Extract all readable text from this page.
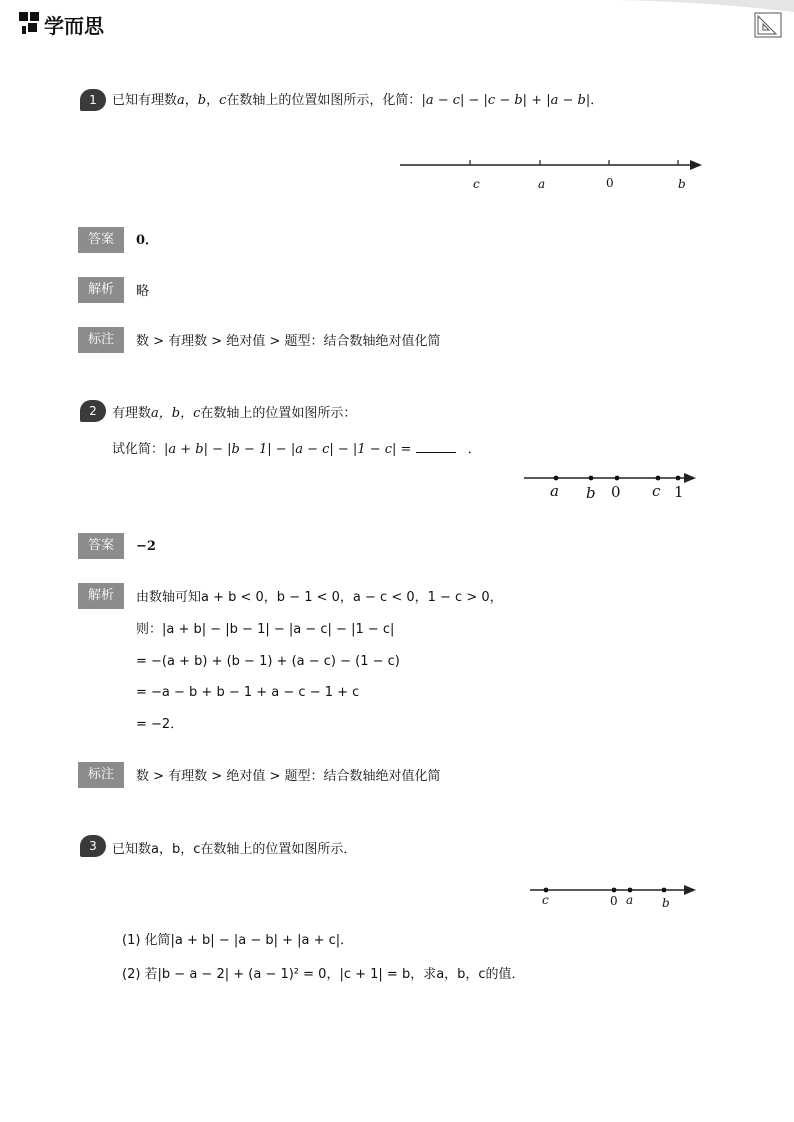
学而思
1	已知有理数a，b，c在数轴上的位置如图所示，化简：|a − c| − |c − b| + |a − b|．
c	a	0	b
答案	0．
解析	略
标注	数 > 有理数 > 绝对值 > 题型：结合数轴绝对值化简
2	有理数a，b，c在数轴上的位置如图所示：
试化简：|a + b| − |b − 1| − |a − c| − |1 − c| =	．
a b 0 c 1
答案	−2
解析	由数轴可知a + b < 0，b − 1 < 0，a − c < 0，1 − c > 0，
则：|a + b| − |b − 1| − |a − c| − |1 − c|
= −(a + b) + (b − 1) + (a − c) − (1 − c)
= −a − b + b − 1 + a − c − 1 + c
= −2．
标注	数 > 有理数 > 绝对值 > 题型：结合数轴绝对值化简
3	已知数a，b，c在数轴上的位置如图所示．
c	0 a b
(1) 化简|a + b| − |a − b| + |a + c|．
(2) 若|b − a − 2| + (a − 1)² = 0，|c + 1| = b，求a，b，c的值．
